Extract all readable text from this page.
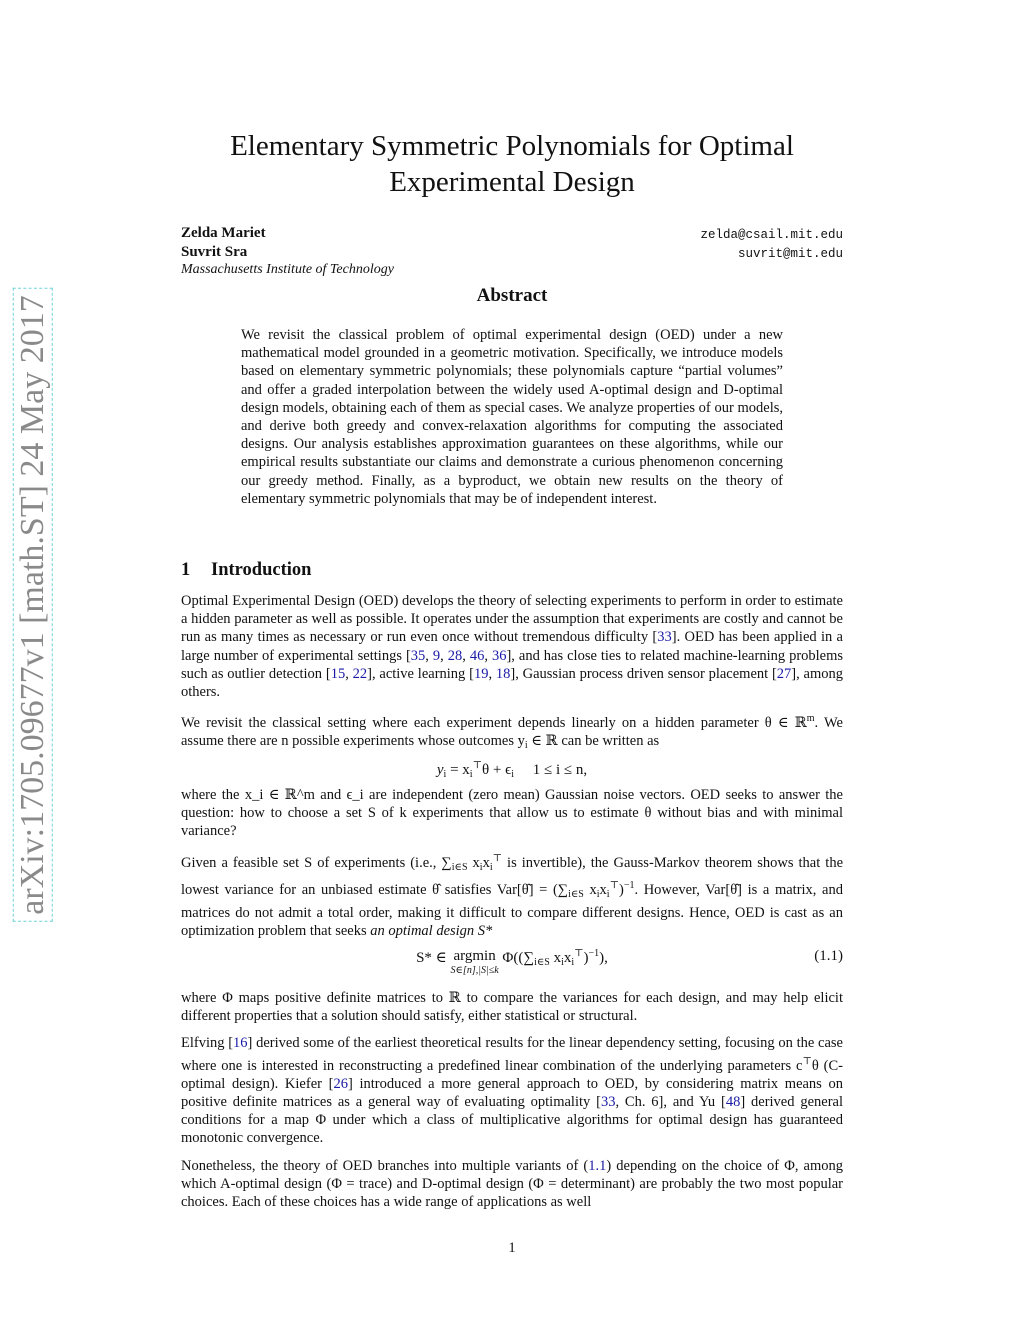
arXiv:1705.09677v1 [math.ST] 24 May 2017
Elementary Symmetric Polynomials for Optimal
Experimental Design
Zelda Mariet
Suvrit Sra
Massachusetts Institute of Technology
zelda@csail.mit.edu
suvrit@mit.edu
Abstract
We revisit the classical problem of optimal experimental design (OED) under a new mathematical model grounded in a geometric motivation. Specifically, we introduce models based on elementary symmetric polynomials; these polynomials capture “partial volumes” and offer a graded interpolation between the widely used A-optimal design and D-optimal design models, obtaining each of them as special cases. We analyze properties of our models, and derive both greedy and convex-relaxation algorithms for computing the associated designs. Our analysis establishes approximation guarantees on these algorithms, while our empirical results substantiate our claims and demonstrate a curious phenomenon concerning our greedy method. Finally, as a byproduct, we obtain new results on the theory of elementary symmetric polynomials that may be of independent interest.
1 Introduction

Optimal Experimental Design (OED) develops the theory of selecting experiments to perform in order to estimate a hidden parameter as well as possible. It operates under the assumption that experiments are costly and cannot be run as many times as necessary or run even once without tremendous difficulty [33]. OED has been applied in a large number of experimental settings [35, 9, 28, 46, 36], and has close ties to related machine-learning problems such as outlier detection [15, 22], active learning [19, 18], Gaussian process driven sensor placement [27], among others.

We revisit the classical setting where each experiment depends linearly on a hidden parameter θ ∈ ℝ$^m$. We assume there are n possible experiments whose outcomes $y_i$ ∈ ℝ can be written as

$y_i = x_i^⊤\theta + \epsilon_i$ 1 ≤ i ≤ n,

where the x_i ∈ ℝ^m and ϵ_i are independent (zero mean) Gaussian noise vectors. OED seeks to answer the question: how to choose a set S of k experiments that allow us to estimate θ without bias and with minimal variance?

Given a feasible set S of experiments (i.e., $\sum_{i\in S}$ $x_ix_i^⊤$ is invertible), the Gauss-Markov theorem shows that the lowest variance for an unbiased estimate θ̂ satisfies Var[θ̂] = ($\sum_{i\in S}$ $x_ix_i^⊤)^{-1}$. However, Var[θ̂] is a matrix, and matrices do not admit a total order, making it difficult to compare different designs. Hence, OED is cast as an optimization problem that seeks an optimal design S*

S* ∈ argmin
S∈[n],|S|≤k
$\Phi((\sum_{i\in S}$ $x_ix_i^⊤)^{-1}$),	(1.1)

where Φ maps positive definite matrices to ℝ to compare the variances for each design, and may help elicit different properties that a solution should satisfy, either statistical or structural.

Elfving [16] derived some of the earliest theoretical results for the linear dependency setting, focusing on the case where one is interested in reconstructing a predefined linear combination of the underlying parameters c⊤θ (C-optimal design). Kiefer [26] introduced a more general approach to OED, by considering matrix means on positive definite matrices as a general way of evaluating optimality [33, Ch. 6], and Yu [48] derived general conditions for a map Φ under which a class of multiplicative algorithms for optimal design has guaranteed monotonic convergence.

Nonetheless, the theory of OED branches into multiple variants of (1.1) depending on the choice of Φ, among which A-optimal design (Φ = trace) and D-optimal design (Φ = determinant) are probably the two most popular choices. Each of these choices has a wide range of applications as well

1
